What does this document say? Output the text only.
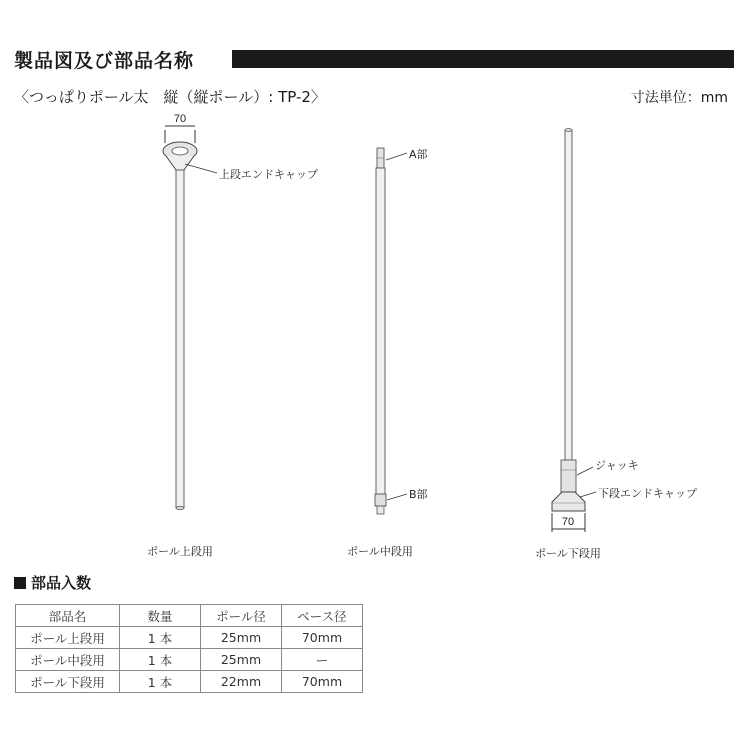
製品図及び部品名称
〈つっぱりポール太　縦（縦ポール）: TP-2〉	寸法単位：mm
70
上段エンドキャップ
ポール上段用
A部
B部
ポール中段用
70
ジャッキ
下段エンドキャップ
ポール下段用
部品入数
部品名	数量	ポール径	ベース径
ポール上段用	1 本	25mm	70mm
ポール中段用	1 本	25mm	ー
ポール下段用	1 本	22mm	70mm
